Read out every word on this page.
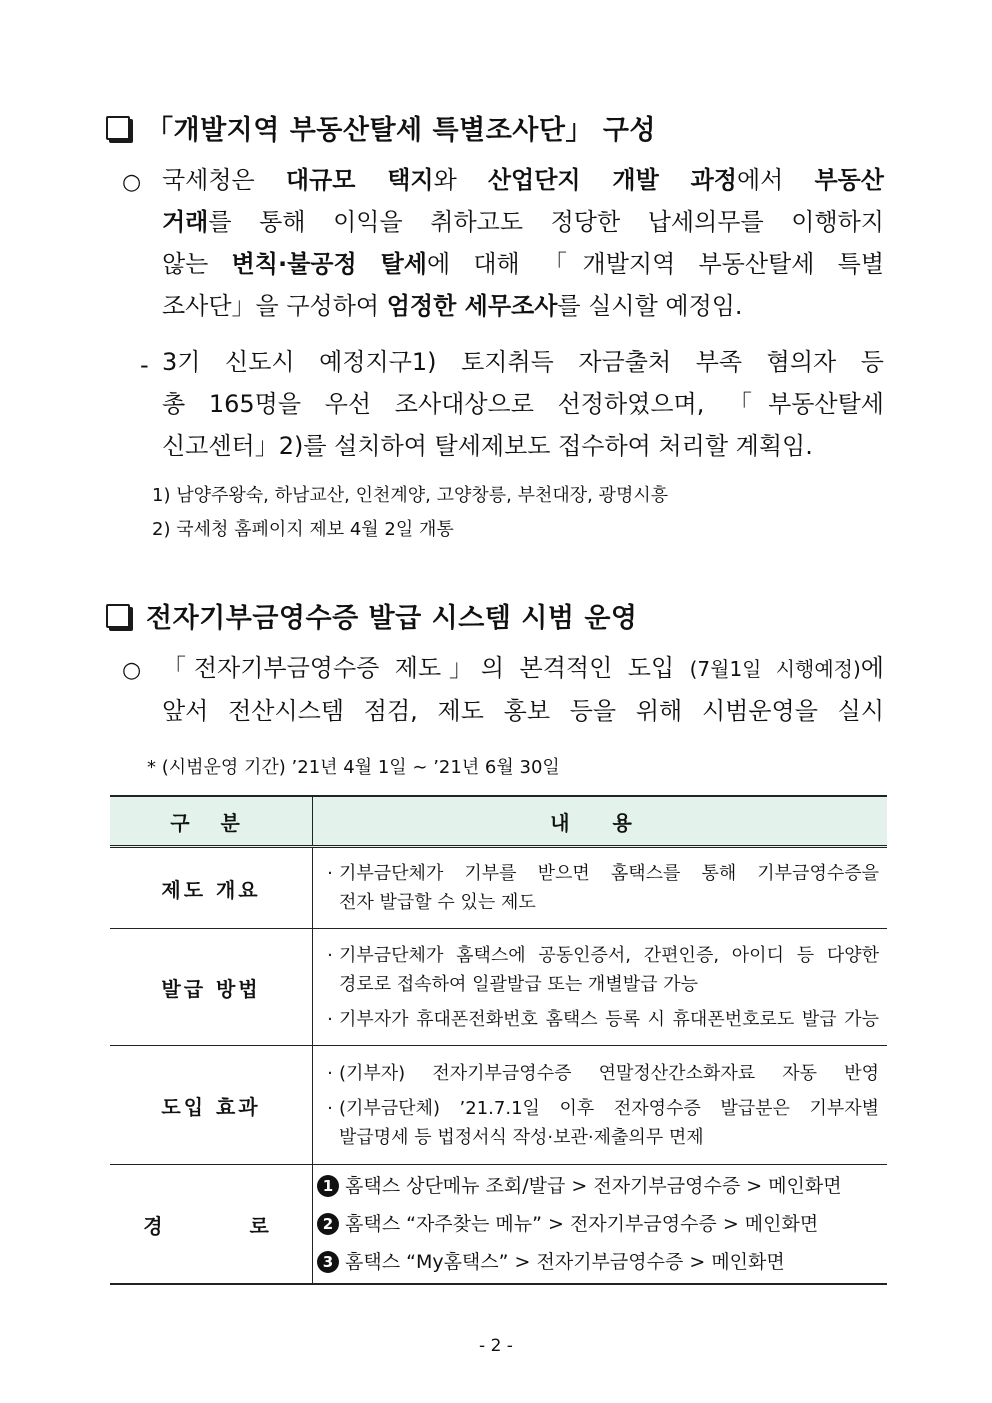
「개발지역 부동산탈세 특별조사단」 구성
○ 국세청은 대규모 택지와 산업단지 개발 과정에서 부동산
거래를 통해 이익을 취하고도 정당한 납세의무를 이행하지
않는 변칙·불공정 탈세에 대해 「개발지역 부동산탈세 특별
조사단」을 구성하여 엄정한 세무조사를 실시할 예정임.
- 3기 신도시 예정지구1) 토지취득 자금출처 부족 혐의자 등
총 165명을 우선 조사대상으로 선정하였으며, 「부동산탈세
신고센터」2)를 설치하여 탈세제보도 접수하여 처리할 계획임.
1) 남양주왕숙, 하남교산, 인천계양, 고양창릉, 부천대장, 광명시흥
2) 국세청 홈페이지 제보 4월 2일 개통
전자기부금영수증 발급 시스템 시범 운영
○ 「전자기부금영수증 제도」의 본격적인 도입 (7월1일 시행예정)에
앞서 전산시스템 점검, 제도 홍보 등을 위해 시범운영을 실시
* (시범운영 기간) ’21년 4월 1일 ∼ ’21년 6월 30일
구 분	내 용
제도 개요	· 기부금단체가 기부를 받으면 홈택스를 통해 기부금영수증을
전자 발급할 수 있는 제도

발급 방법	· 기부금단체가 홈택스에 공동인증서, 간편인증, 아이디 등 다양한
경로로 접속하여 일괄발급 또는 개별발급 가능
· 기부자가 휴대폰전화번호 홈택스 등록 시 휴대폰번호로도 발급 가능

도입 효과	· (기부자) 전자기부금영수증 연말정산간소화자료 자동 반영
· (기부금단체) ’21.7.1일 이후 전자영수증 발급분은 기부자별
발급명세 등 법정서식 작성·보관·제출의무 면제

경 로	1 홈택스 상단메뉴 조회/발급 > 전자기부금영수증 > 메인화면
2 홈택스 “자주찾는 메뉴” > 전자기부금영수증 > 메인화면
3 홈택스 “My홈택스” > 전자기부금영수증 > 메인화면
- 2 -
